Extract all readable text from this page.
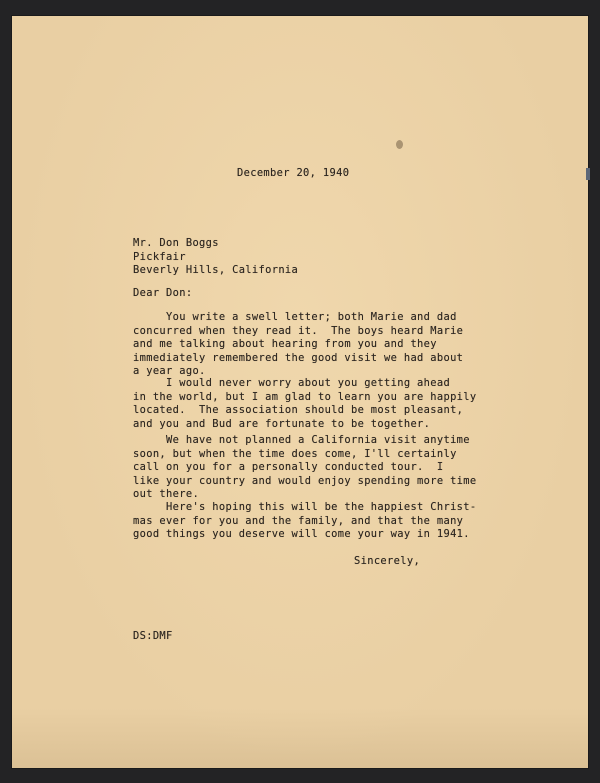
December 20, 1940

Mr. Don Boggs
Pickfair
Beverly Hills, California

Dear Don:

You write a swell letter; both Marie and dad
concurred when they read it.  The boys heard Marie
and me talking about hearing from you and they
immediately remembered the good visit we had about
a year ago.
I would never worry about you getting ahead
in the world, but I am glad to learn you are happily
located.  The association should be most pleasant,
and you and Bud are fortunate to be together.
We have not planned a California visit anytime
soon, but when the time does come, I'll certainly
call on you for a personally conducted tour.  I
like your country and would enjoy spending more time
out there.
Here's hoping this will be the happiest Christ-
mas ever for you and the family, and that the many
good things you deserve will come your way in 1941.

Sincerely,

DS:DMF
